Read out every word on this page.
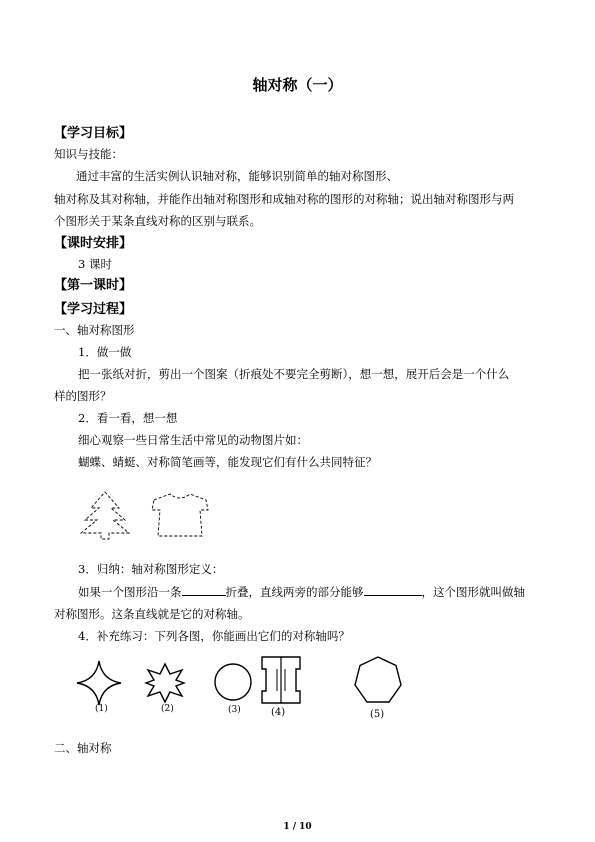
轴对称（一）
【学习目标】
知识与技能：
通过丰富的生活实例认识轴对称，能够识别简单的轴对称图形、
轴对称及其对称轴，并能作出轴对称图形和成轴对称的图形的对称轴；说出轴对称图形与两
个图形关于某条直线对称的区别与联系。
【课时安排】
3 课时
【第一课时】
【学习过程】
一、轴对称图形
1．做一做
把一张纸对折，剪出一个图案（折痕处不要完全剪断），想一想，展开后会是一个什么
样的图形？
2．看一看，想一想
细心观察一些日常生活中常见的动物图片如：
蝴蝶、蜻蜓、对称简笔画等，能发现它们有什么共同特征？
3．归纳：轴对称图形定义：
如果一个图形沿一条	折叠，直线两旁的部分能够	，这个图形就叫做轴
对称图形。这条直线就是它的对称轴。
4．补充练习：下列各图，你能画出它们的对称轴吗？
(1)	(2)	(3)	(4)	(5)
二、轴对称
1 / 10
